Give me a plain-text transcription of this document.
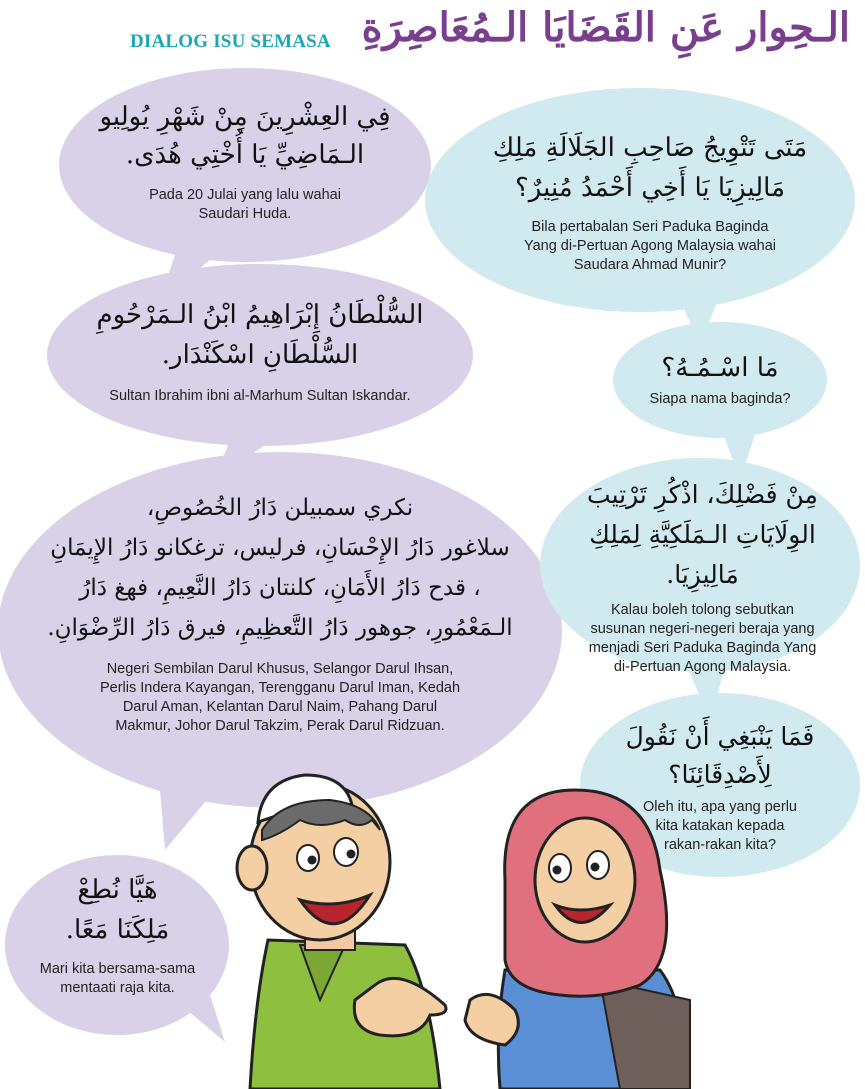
DIALOG ISU SEMASA الـحِوار عَنِ القَضَايَا الـمُعَاصِرَةِ
فِي العِشْرِينَ مِنْ شَهْرِ يُولِيو
الـمَاضِيِّ يَا أُخْتِي هُدَى.
Pada 20 Julai yang lalu wahai
Saudari Huda.
مَتَى تَتْوِيجُ صَاحِبِ الجَلَالَةِ مَلِكِ
مَالِيزِيَا يَا أَخِي أَحْمَدُ مُنِيرٌ؟
Bila pertabalan Seri Paduka Baginda
Yang di-Pertuan Agong Malaysia wahai
Saudara Ahmad Munir?
السُّلْطَانُ إِبْرَاهِيمُ ابْنُ الـمَرْحُومِ
السُّلْطَانِ اسْكَنْدَار.
Sultan Ibrahim ibni al-Marhum Sultan Iskandar.
مَا اسْـمُـهُ؟
Siapa nama baginda?
نكري سمبيلن دَارُ الخُصُوصِ،
سلاغور دَارُ الإِحْسَانِ، فرليس، ترغكانو دَارُ الإِيمَانِ
، قدح دَارُ الأَمَانِ، كلنتان دَارُ النَّعِيمِ، فهغ دَارُ
الـمَعْمُورِ، جوهور دَارُ التَّعظِيمِ، فيرق دَارُ الرِّضْوَانِ.
Negeri Sembilan Darul Khusus, Selangor Darul Ihsan,
Perlis Indera Kayangan, Terengganu Darul Iman, Kedah
Darul Aman, Kelantan Darul Naim, Pahang Darul
Makmur, Johor Darul Takzim, Perak Darul Ridzuan.
مِنْ فَضْلِكَ، اذْكُرِ تَرْتِيبَ
الوِلَايَاتِ الـمَلَكِيَّةِ لِمَلِكِ مَالِيزِيَا.
Kalau boleh tolong sebutkan
susunan negeri-negeri beraja yang
menjadi Seri Paduka Baginda Yang
di-Pertuan Agong Malaysia.
فَمَا يَنْبَغِي أَنْ نَقُولَ
لِأَصْدِقَائِنَا؟
Oleh itu, apa yang perlu
kita katakan kepada
rakan-rakan kita?
هَيَّا نُطِعْ
مَلِكَنَا مَعًا.
Mari kita bersama-sama
mentaati raja kita.
